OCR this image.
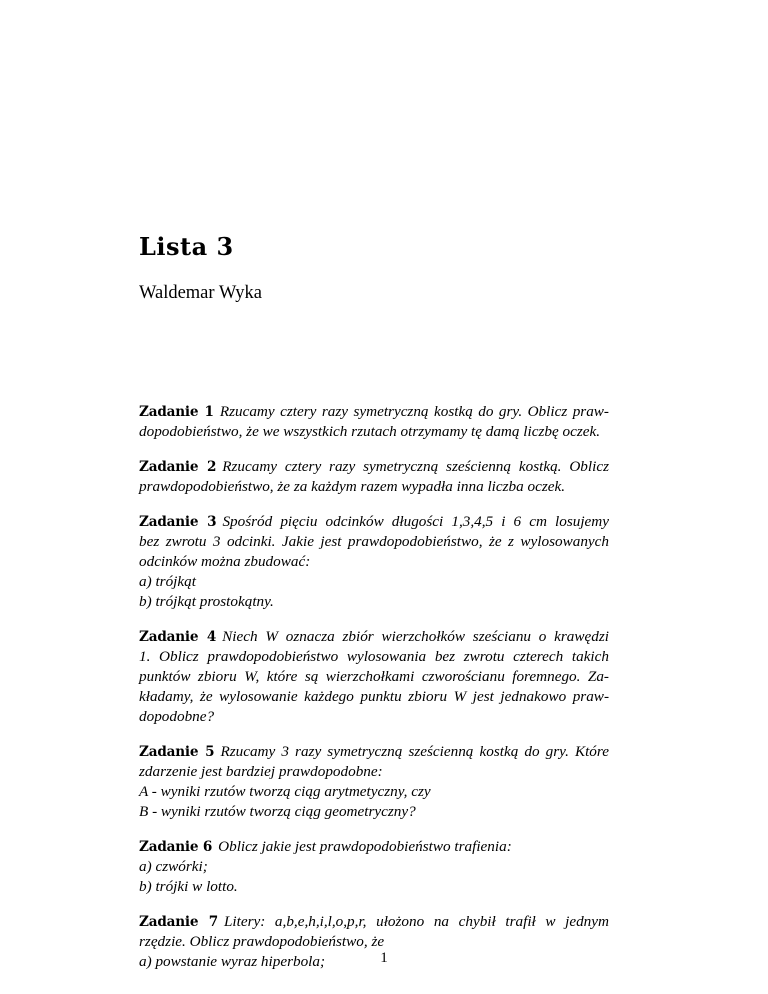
Lista 3

Waldemar Wyka

Zadanie 1 Rzucamy cztery razy symetryczną kostką do gry. Oblicz praw-
dopodobieństwo, że we wszystkich rzutach otrzymamy tę damą liczbę oczek.
Zadanie 2 Rzucamy cztery razy symetryczną sześcienną kostką. Oblicz
prawdopodobieństwo, że za każdym razem wypadła inna liczba oczek.
Zadanie 3 Spośród pięciu odcinków długości 1,3,4,5 i 6 cm losujemy
bez zwrotu 3 odcinki. Jakie jest prawdopodobieństwo, że z wylosowanych
odcinków można zbudować:
a) trójkąt
b) trójkąt prostokątny.
Zadanie 4 Niech W oznacza zbiór wierzchołków sześcianu o krawędzi
1. Oblicz prawdopodobieństwo wylosowania bez zwrotu czterech takich
punktów zbioru W, które są wierzchołkami czworościanu foremnego. Za-
kładamy, że wylosowanie każdego punktu zbioru W jest jednakowo praw-
dopodobne?
Zadanie 5 Rzucamy 3 razy symetryczną sześcienną kostką do gry. Które
zdarzenie jest bardziej prawdopodobne:
A - wyniki rzutów tworzą ciąg arytmetyczny, czy
B - wyniki rzutów tworzą ciąg geometryczny?
Zadanie 6 Oblicz jakie jest prawdopodobieństwo trafienia:
a) czwórki;
b) trójki w lotto.
Zadanie 7 Litery: a,b,e,h,i,l,o,p,r, ułożono na chybił trafił w jednym
rzędzie. Oblicz prawdopodobieństwo, że
a) powstanie wyraz hiperbola;	1
